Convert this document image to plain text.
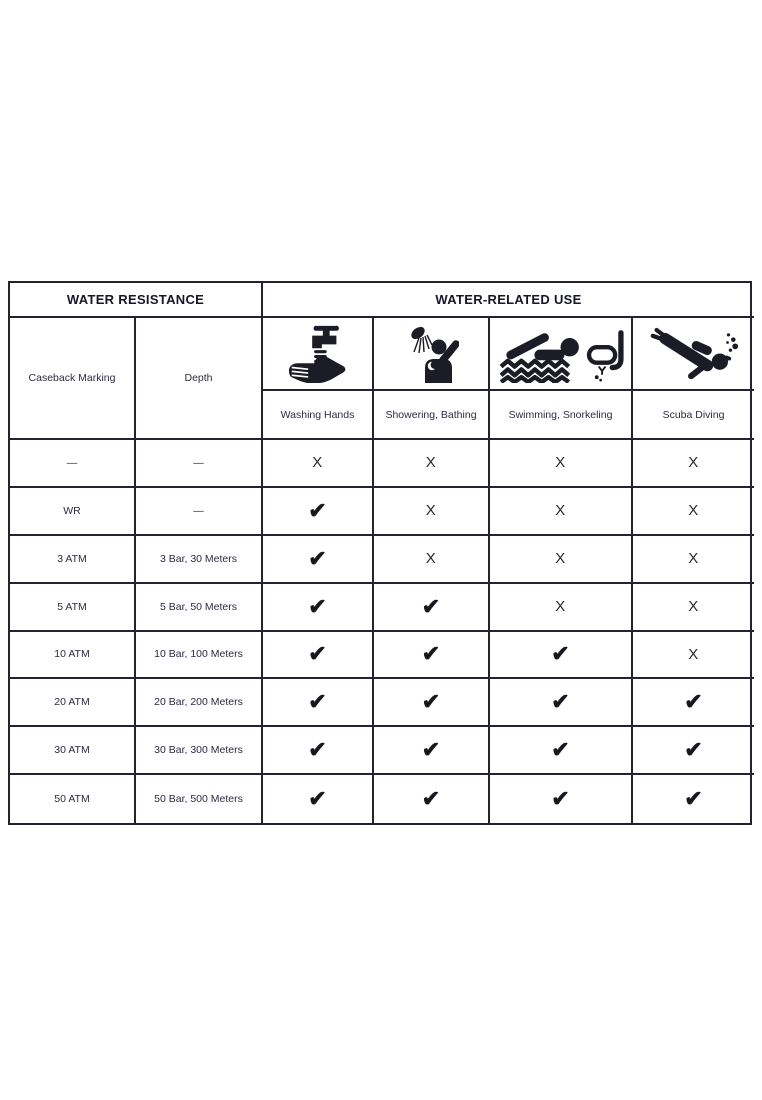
WATER RESISTANCE	WATER-RELATED USE
Caseback Marking	Depth
Washing Hands	Showering, Bathing	Swimming, Snorkeling	Scuba Diving
—	—	X	X	X	X
WR	—	✔	X	X	X
3 ATM	3 Bar, 30 Meters	✔	X	X	X
5 ATM	5 Bar, 50 Meters	✔	✔	X	X
10 ATM	10 Bar, 100 Meters	✔	✔	✔	X
20 ATM	20 Bar, 200 Meters	✔	✔	✔	✔
30 ATM	30 Bar, 300 Meters	✔	✔	✔	✔
50 ATM	50 Bar, 500 Meters	✔	✔	✔	✔
